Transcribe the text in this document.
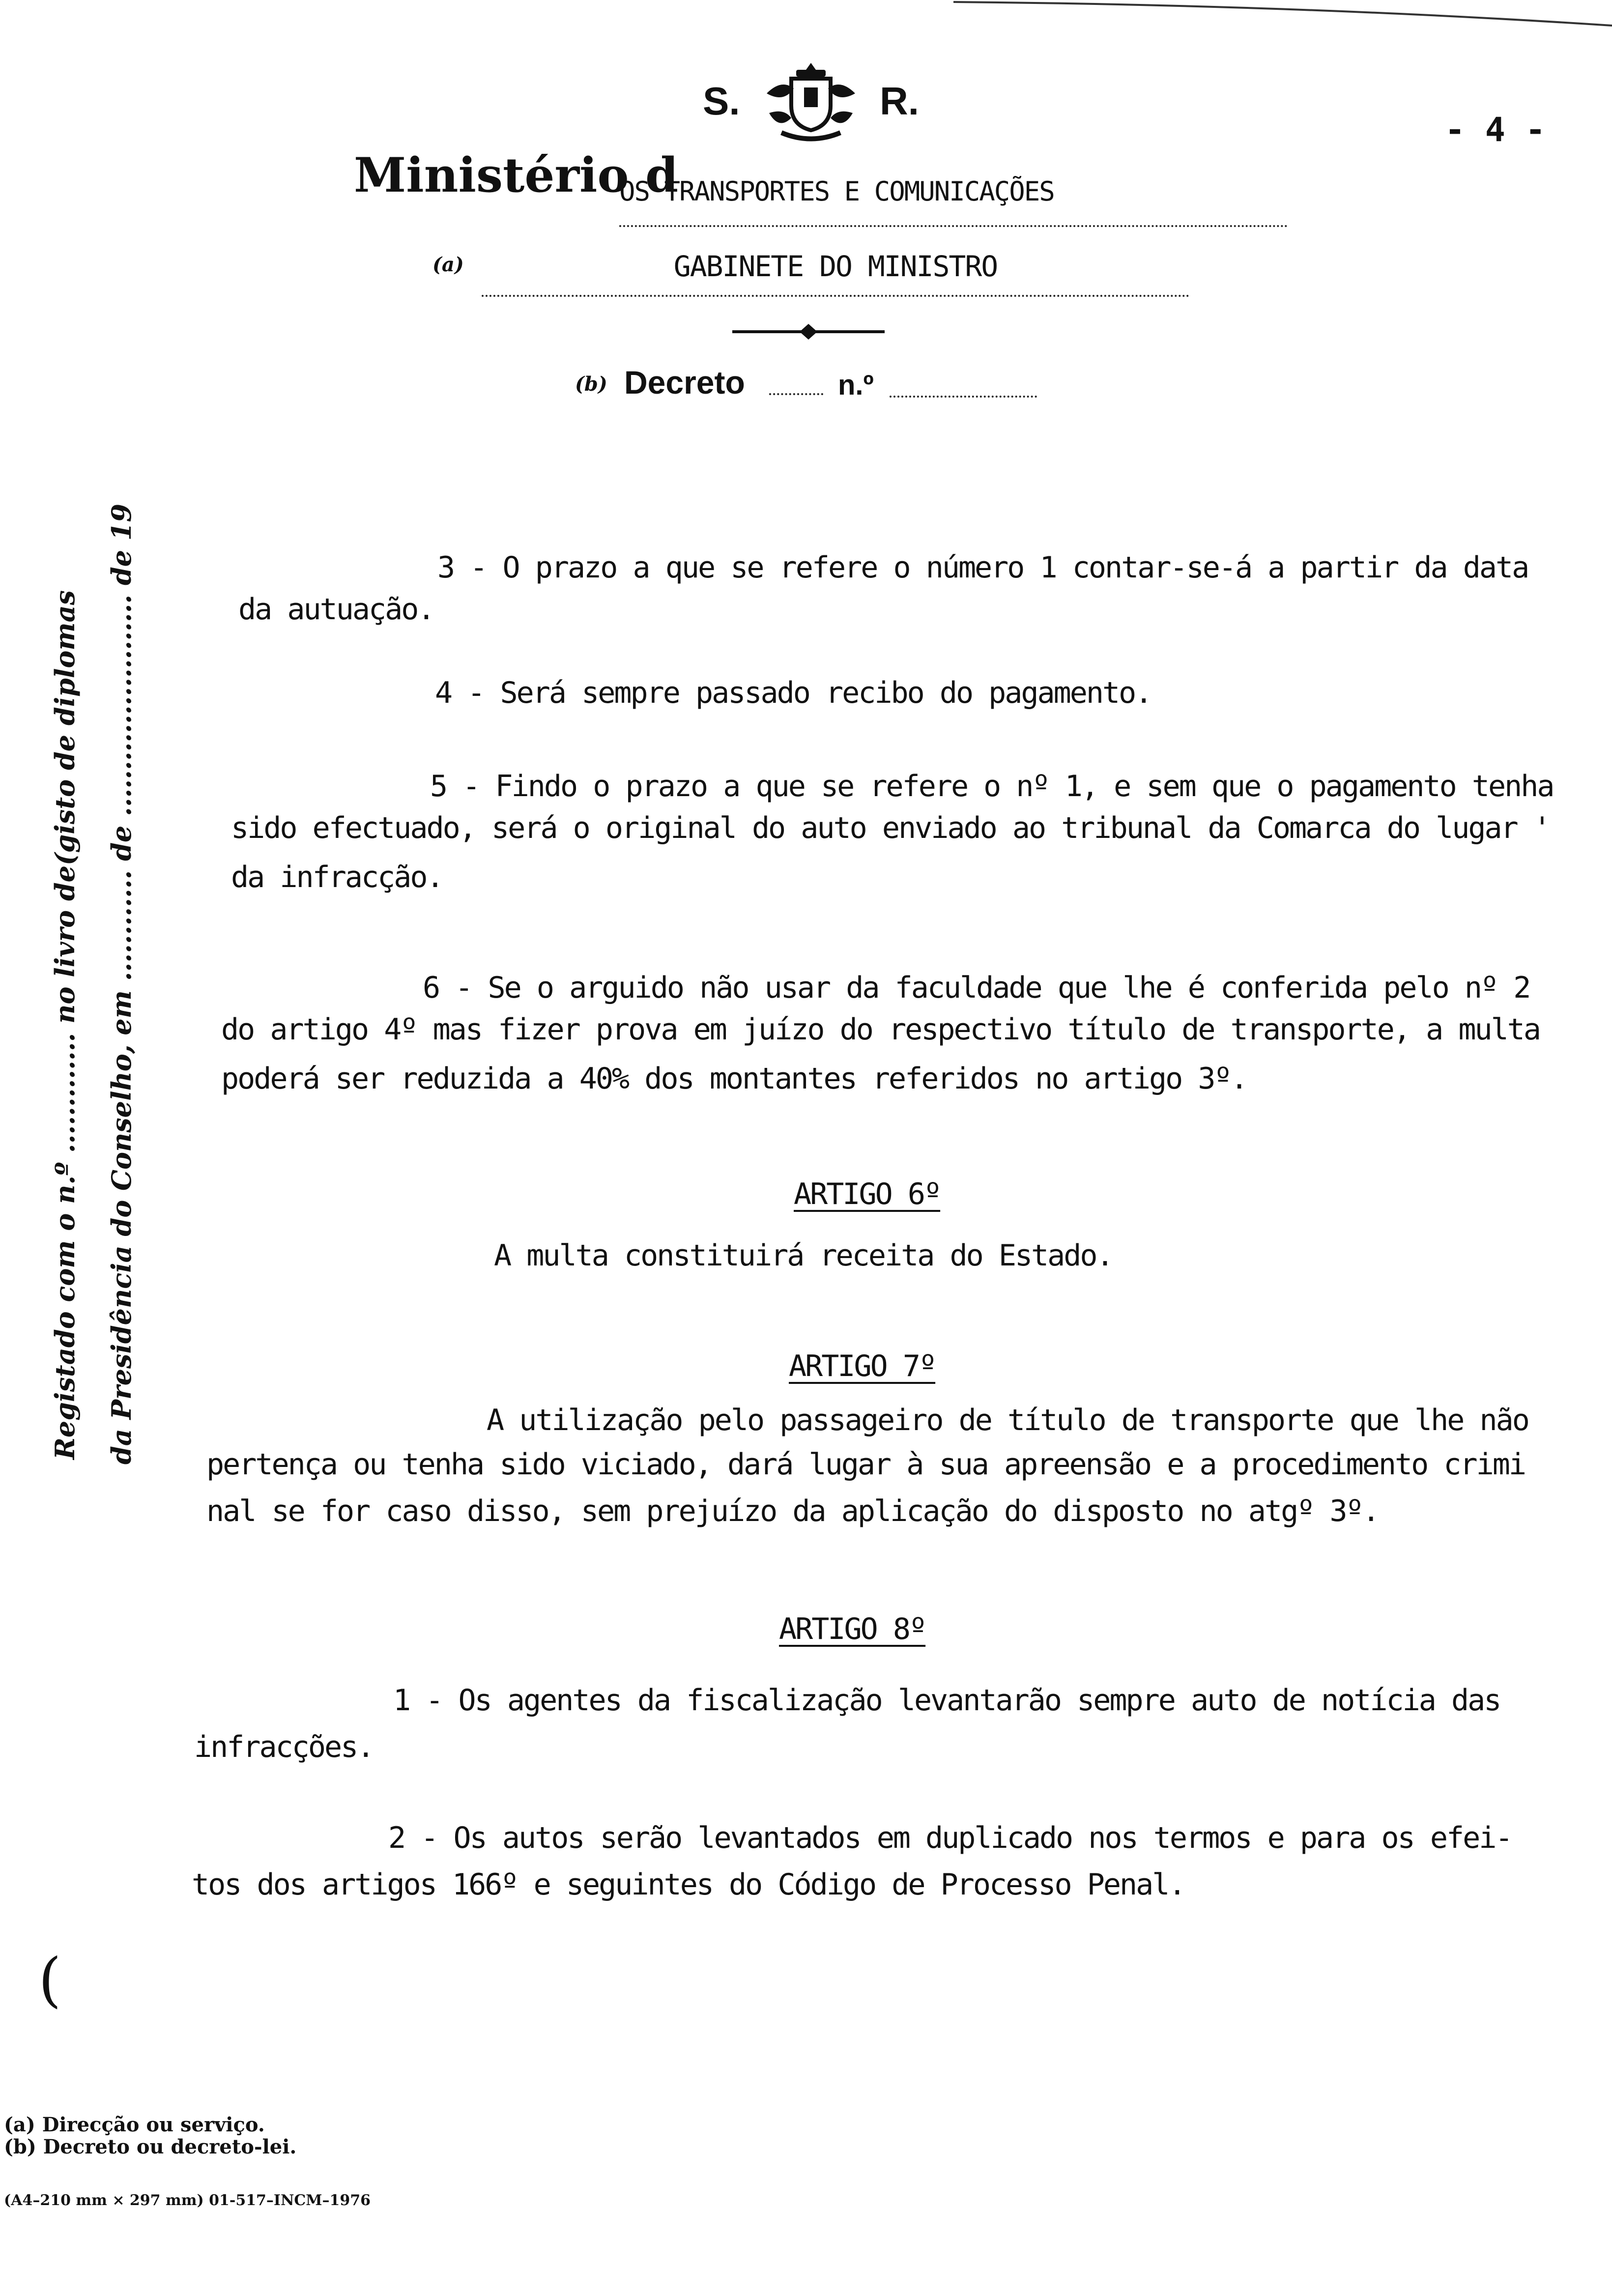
S.	R.
- 4 -
Ministério d
OS TRANSPORTES E COMUNICAÇÕES
(a)	GABINETE DO MINISTRO
(b) Decreto	n.º
Registado com o n.º ............. no livro de(gisto de diplomas da Presidência do Conselho, em ............ de ........................ de 19
(
3 - O prazo a que se refere o número 1 contar-se-á a partir da data
da autuação.
4 - Será sempre passado recibo do pagamento.
5 - Findo o prazo a que se refere o nº 1, e sem que o pagamento tenha
sido efectuado, será o original do auto enviado ao tribunal da Comarca do lugar '
da infracção.
6 - Se o arguido não usar da faculdade que lhe é conferida pelo nº 2
do artigo 4º mas fizer prova em juízo do respectivo título de transporte, a multa
poderá ser reduzida a 40% dos montantes referidos no artigo 3º.
ARTIGO 6º
A multa constituirá receita do Estado.
ARTIGO 7º
A utilização pelo passageiro de título de transporte que lhe não
pertença ou tenha sido viciado, dará lugar à sua apreensão e a procedimento crimi
nal se for caso disso, sem prejuízo da aplicação do disposto no atgº 3º.
ARTIGO 8º
1 - Os agentes da fiscalização levantarão sempre auto de notícia das
infracções.
2 - Os autos serão levantados em duplicado nos termos e para os efei-
tos dos artigos 166º e seguintes do Código de Processo Penal.
(a) Direcção ou serviço.
(b) Decreto ou decreto-lei.
(A4–210 mm × 297 mm) 01-517–INCM–1976
